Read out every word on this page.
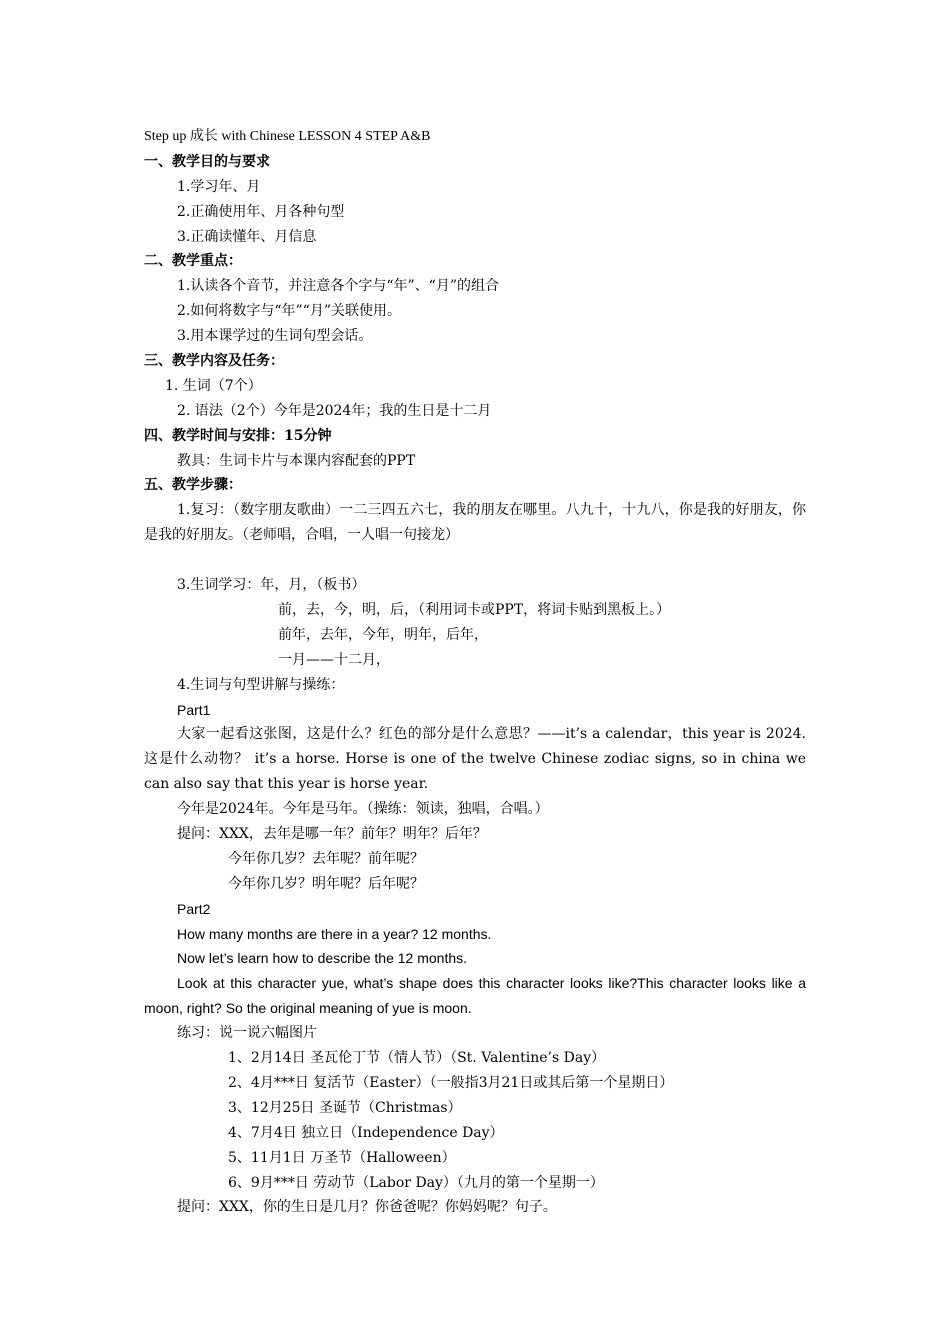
Step up 成长 with Chinese LESSON 4 STEP A&B
一、教学目的与要求
1.学习年、月
2.正确使用年、月各种句型
3.正确读懂年、月信息
二、教学重点：
1.认读各个音节，并注意各个字与“年”、“月”的组合
2.如何将数字与“年”“月”关联使用。
3.用本课学过的生词句型会话。
三、教学内容及任务：
1. 生词（7个）
2. 语法（2个）今年是2024年；我的生日是十二月
四、教学时间与安排：15分钟
教具：生词卡片与本课内容配套的PPT
五、教学步骤：
1.复习：（数字朋友歌曲）一二三四五六七，我的朋友在哪里。八九十，十九八，你是我的好朋友，你是我的好朋友。（老师唱，合唱，一人唱一句接龙）
3.生词学习：年，月，（板书）
前，去，今，明，后，（利用词卡或PPT，将词卡贴到黑板上。）
前年，去年，今年，明年，后年，
一月——十二月，
4.生词与句型讲解与操练：
Part1
大家一起看这张图，这是什么？红色的部分是什么意思？——it’s a calendar，this year is 2024. 这是什么动物？ it’s a horse. Horse is one of the twelve Chinese zodiac signs, so in china we can also say that this year is horse year.
今年是2024年。今年是马年。（操练：领读，独唱，合唱。）
提问：XXX，去年是哪一年？前年？明年？后年？
今年你几岁？去年呢？前年呢？
今年你几岁？明年呢？后年呢？
Part2
How many months are there in a year? 12 months.
Now let’s learn how to describe the 12 months.
Look at this character yue, what’s shape does this character looks like?This character looks like a moon, right? So the original meaning of yue is moon.
练习：说一说六幅图片
1、2月14日 圣瓦伦丁节（情人节）（St. Valentine’s Day）
2、4月***日 复活节（Easter）（一般指3月21日或其后第一个星期日）
3、12月25日 圣诞节（Christmas）
4、7月4日 独立日（Independence Day）
5、11月1日 万圣节（Halloween）
6、9月***日 劳动节（Labor Day）（九月的第一个星期一）
提问：XXX，你的生日是几月？你爸爸呢？你妈妈呢？句子。
